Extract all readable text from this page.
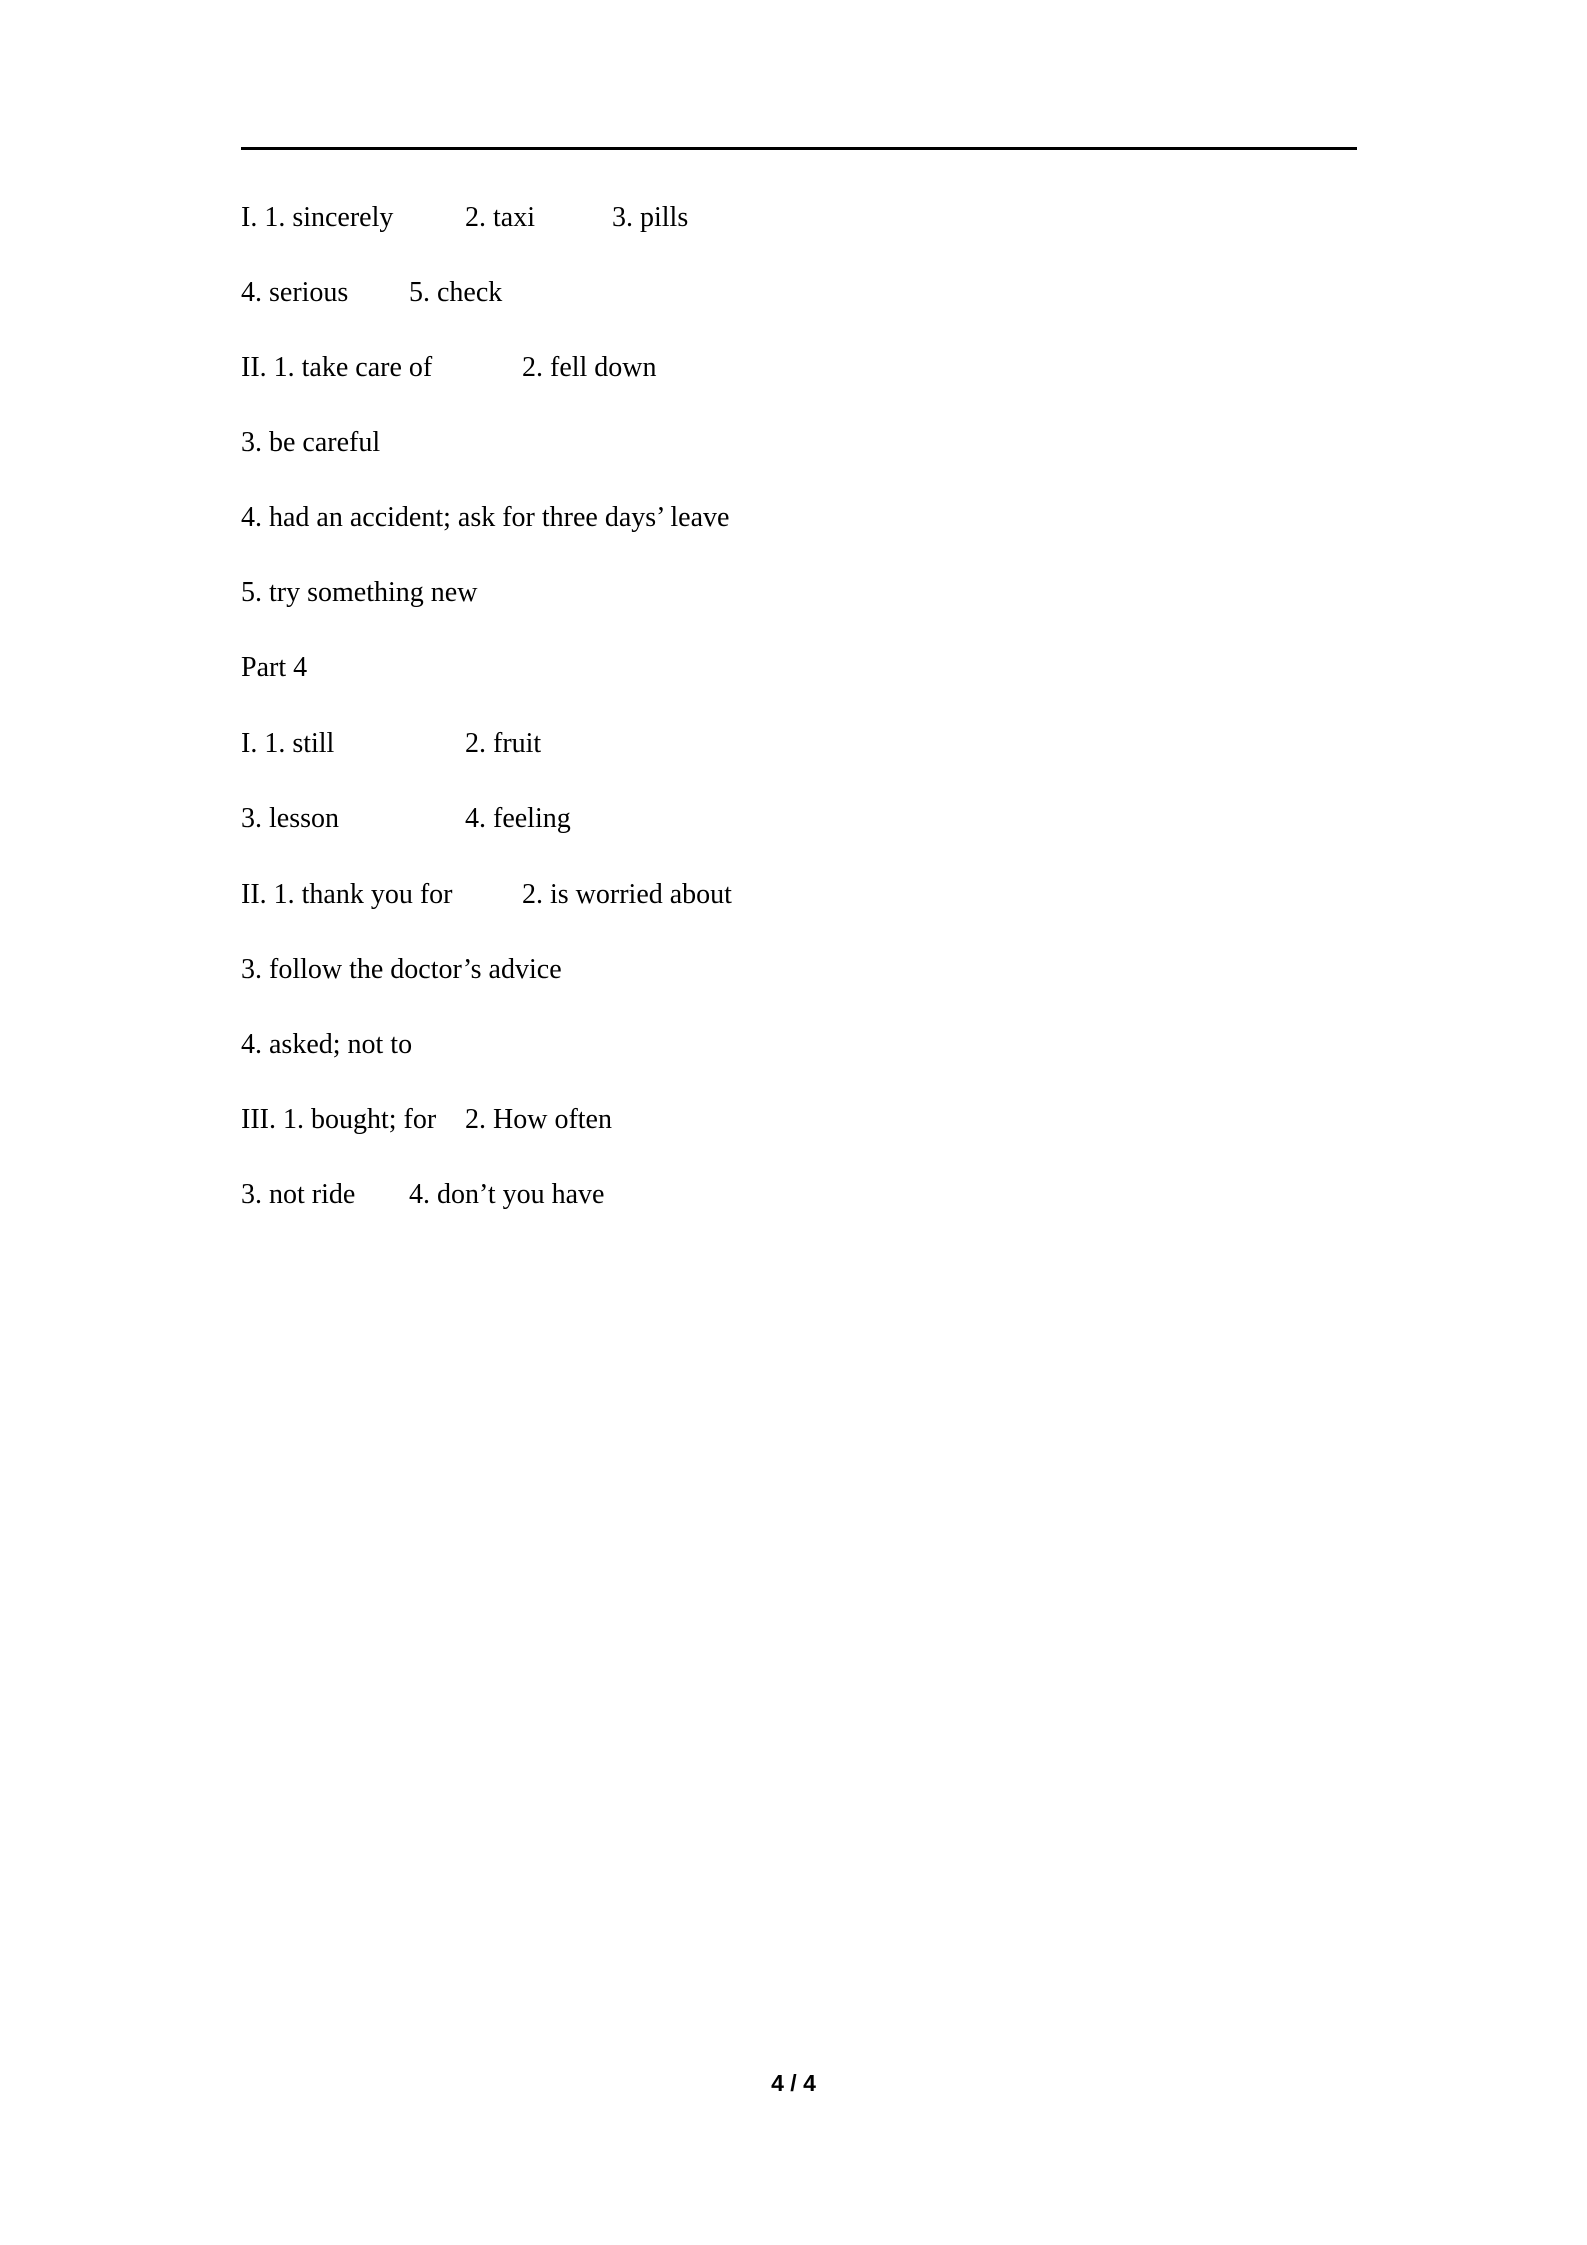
I. 1. sincerely	2. taxi	3. pills
4. serious 5. check
II. 1. take care of	2. fell down
3. be careful
4. had an accident; ask for three days’ leave
5. try something new
Part 4
I. 1. still	2. fruit
3. lesson	4. feeling
II. 1. thank you for 2. is worried about
3. follow the doctor’s advice
4. asked; not to
III. 1. bought; for 2. How often
3. not ride 4. don’t you have
4 / 4
